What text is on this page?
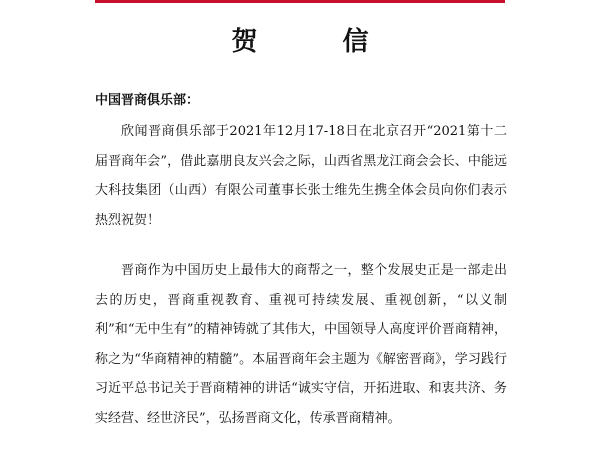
贺 信
中国晋商俱乐部：

欣闻晋商俱乐部于2021年12月17-18日在北京召开“2021第十二届晋商年会”，借此嘉朋良友兴会之际，山西省黑龙江商会会长、中能远大科技集团（山西）有限公司董事长张士维先生携全体会员向你们表示热烈祝贺！

晋商作为中国历史上最伟大的商帮之一，整个发展史正是一部走出去的历史，晋商重视教育、重视可持续发展、重视创新，“以义制利”和“无中生有”的精神铸就了其伟大，中国领导人高度评价晋商精神，称之为“华商精神的精髓”。本届晋商年会主题为《解密晋商》，学习践行习近平总书记关于晋商精神的讲话“诚实守信，开拓进取、和衷共济、务实经营、经世济民”，弘扬晋商文化，传承晋商精神。
